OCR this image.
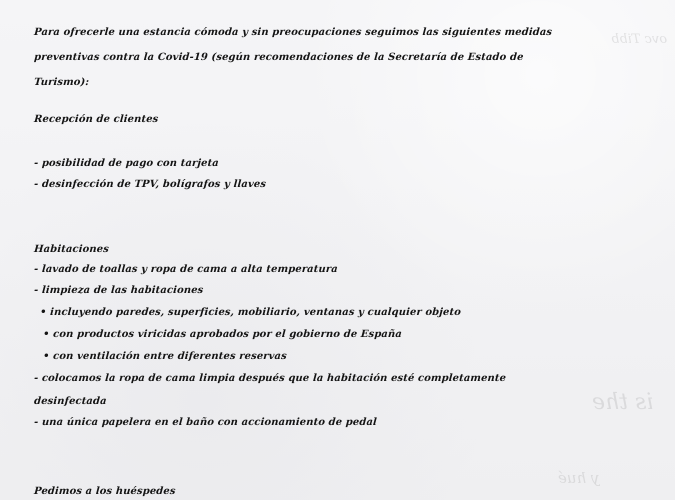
ovc Tibb
is the
y hué
Para ofrecerle una estancia cómoda y sin preocupaciones seguimos las siguientes medidas
preventivas contra la Covid-19 (según recomendaciones de la Secretaría de Estado de
Turismo):
Recepción de clientes
- posibilidad de pago con tarjeta
- desinfección de TPV, bolígrafos y llaves
Habitaciones
- lavado de toallas y ropa de cama a alta temperatura
- limpieza de las habitaciones
• incluyendo paredes, superficies, mobiliario, ventanas y cualquier objeto
• con productos viricidas aprobados por el gobierno de España
• con ventilación entre diferentes reservas
- colocamos la ropa de cama limpia después que la habitación esté completamente
desinfectada
- una única papelera en el baño con accionamiento de pedal
Pedimos a los huéspedes
